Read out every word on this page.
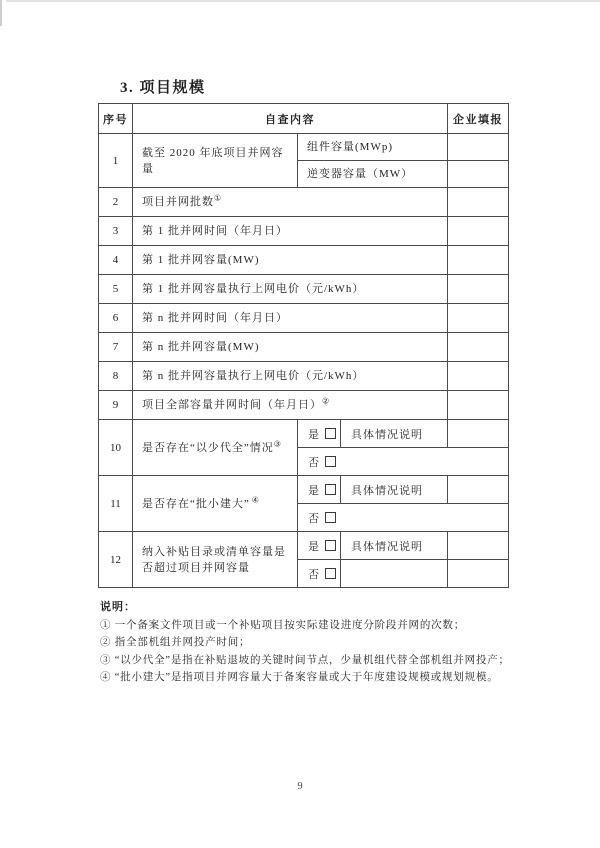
3. 项目规模
序号	自查内容			企业填报
1	截至 2020 年底项目并网容量	组件容量(MWp)		
		逆变器容量（MW）		
2	项目并网批数①	
3	第 1 批并网时间（年月日）			
4	第 1 批并网容量(MW)			
5	第 1 批并网容量执行上网电价（元/kWh）			
6	第 n 批并网时间（年月日）			
7	第 n 批并网容量(MW)			
8	第 n 批并网容量执行上网电价（元/kWh）			
9	项目全部容量并网时间（年月日）②	
10	是否存在“以少代全”情况③	是	具体情况说明	
		否		
11	是否存在“批小建大” ④	是	具体情况说明	
		否		
12	纳入补贴目录或清单容量是否超过项目并网容量	是	具体情况说明	
		否		
说明：
① 一个备案文件项目或一个补贴项目按实际建设进度分阶段并网的次数；
② 指全部机组并网投产时间；
③ “以少代全”是指在补贴退坡的关键时间节点，少量机组代替全部机组并网投产；
④ “批小建大”是指项目并网容量大于备案容量或大于年度建设规模或规划规模。
9
